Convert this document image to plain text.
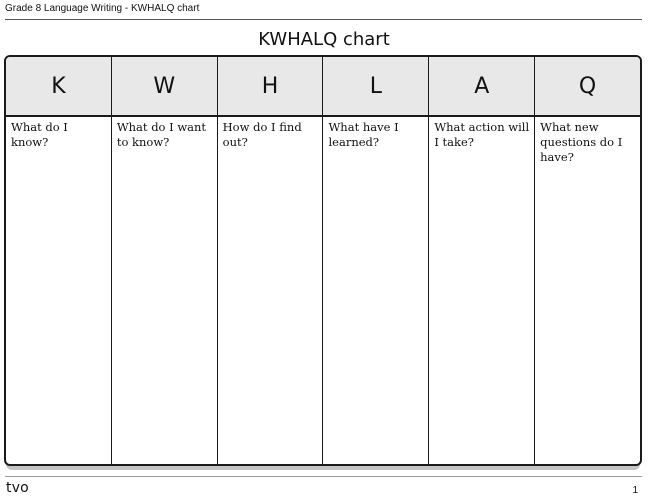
Grade 8 Language Writing - KWHALQ chart
KWHALQ chart
K
What do I know?
W
What do I want to know?
H
How do I find out?
L
What have I learned?
A
What action will I take?
Q
What new questions do I have?
tvo	1
